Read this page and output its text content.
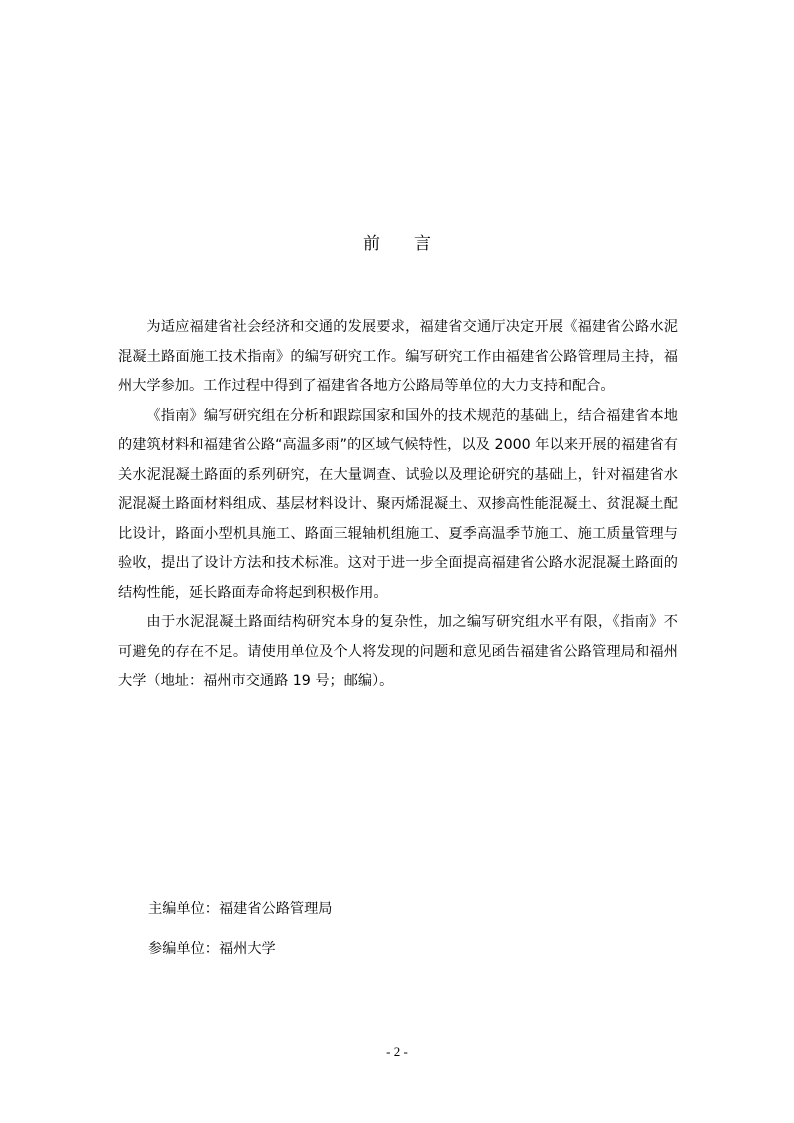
前 言

为适应福建省社会经济和交通的发展要求，福建省交通厅决定开展《福建省公路水泥混凝土路面施工技术指南》的编写研究工作。编写研究工作由福建省公路管理局主持，福州大学参加。工作过程中得到了福建省各地方公路局等单位的大力支持和配合。

《指南》编写研究组在分析和跟踪国家和国外的技术规范的基础上，结合福建省本地的建筑材料和福建省公路“高温多雨”的区域气候特性，以及 2000 年以来开展的福建省有关水泥混凝土路面的系列研究，在大量调查、试验以及理论研究的基础上，针对福建省水泥混凝土路面材料组成、基层材料设计、聚丙烯混凝土、双掺高性能混凝土、贫混凝土配比设计，路面小型机具施工、路面三辊轴机组施工、夏季高温季节施工、施工质量管理与验收，提出了设计方法和技术标准。这对于进一步全面提高福建省公路水泥混凝土路面的结构性能，延长路面寿命将起到积极作用。

由于水泥混凝土路面结构研究本身的复杂性，加之编写研究组水平有限，《指南》不可避免的存在不足。请使用单位及个人将发现的问题和意见函告福建省公路管理局和福州大学（地址：福州市交通路 19 号；邮编）。

主编单位：福建省公路管理局
参编单位：福州大学
- 2 -
